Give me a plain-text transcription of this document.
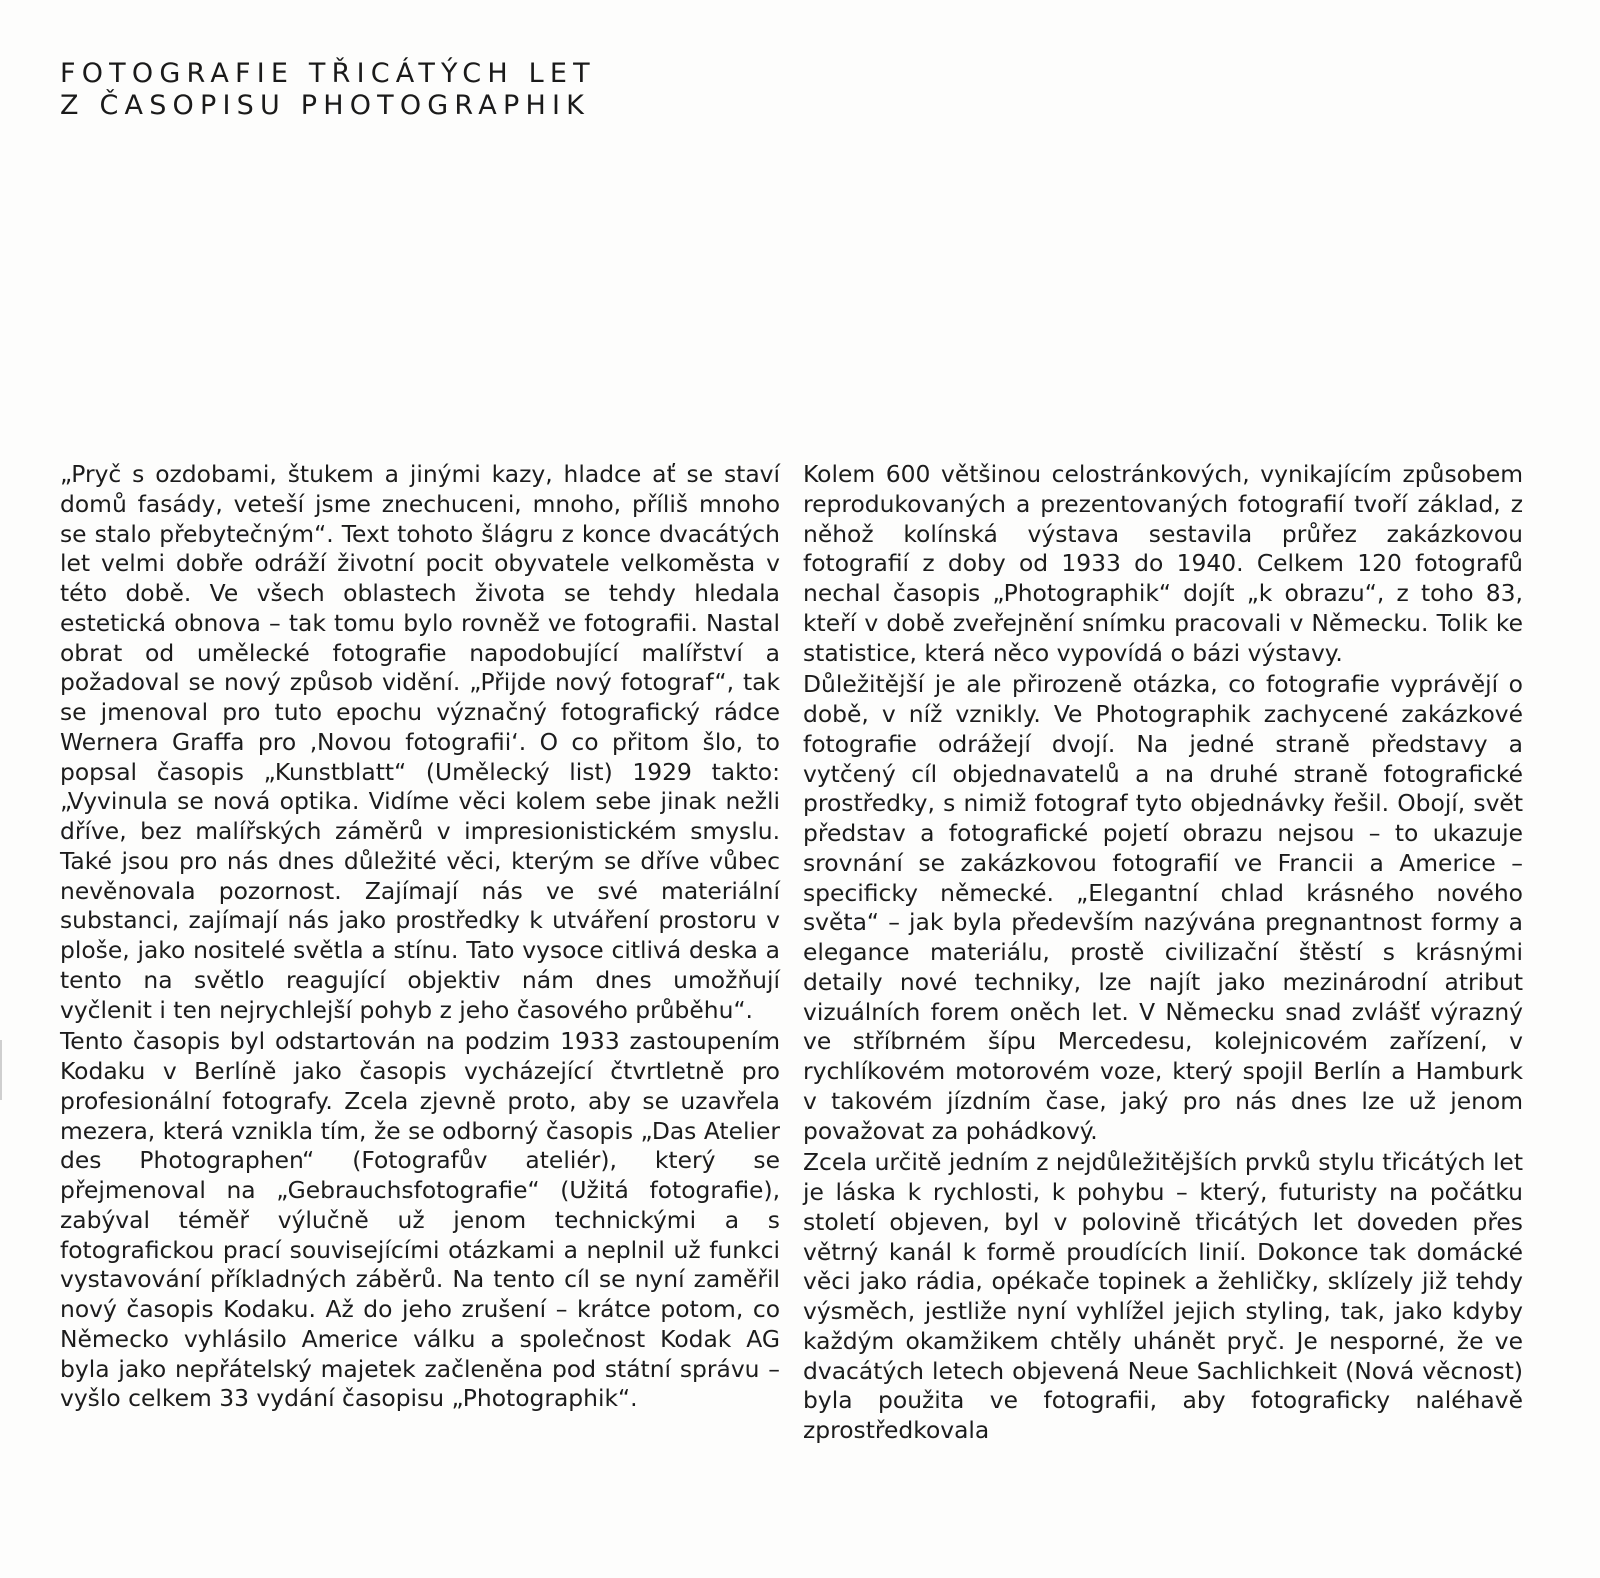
FOTOGRAFIE TŘICÁTÝCH LET
Z ČASOPISU PHOTOGRAPHIK

„Pryč s ozdobami, štukem a jinými kazy, hladce ať se staví domů fasády, veteší jsme znechuceni, mnoho, příliš mnoho se stalo přebytečným“. Text tohoto šlágru z konce dvacátých let velmi dobře odráží životní pocit obyvatele velkoměsta v této době. Ve všech oblastech života se tehdy hledala estetická obnova – tak tomu bylo rovněž ve fotografii. Nastal obrat od umělecké fotografie napodobující malířství a požadoval se nový způsob vidění. „Přijde nový fotograf“, tak se jmenoval pro tuto epochu význačný fotografický rádce Wernera Graffa pro ‚Novou fotografii‘. O co přitom šlo, to popsal časopis „Kunstblatt“ (Umělecký list) 1929 takto: „Vyvinula se nová optika. Vidíme věci kolem sebe jinak nežli dříve, bez malířských záměrů v impresionistickém smyslu. Také jsou pro nás dnes důležité věci, kterým se dříve vůbec nevěnovala pozornost. Zajímají nás ve své materiální substanci, zajímají nás jako prostředky k utváření prostoru v ploše, jako nositelé světla a stínu. Tato vysoce citlivá deska a tento na světlo reagující objektiv nám dnes umožňují vyčlenit i ten nejrychlejší pohyb z jeho časového průběhu“.

Tento časopis byl odstartován na podzim 1933 zastoupením Kodaku v Berlíně jako časopis vycházející čtvrtletně pro profesionální fotografy. Zcela zjevně proto, aby se uzavřela mezera, která vznikla tím, že se odborný časopis „Das Atelier des Photographen“ (Fotografův ateliér), který se přejmenoval na „Gebrauchsfotografie“ (Užitá fotografie), zabýval téměř výlučně už jenom technickými a s fotografickou prací souvisejícími otázkami a neplnil už funkci vystavování příkladných záběrů. Na tento cíl se nyní zaměřil nový časopis Kodaku. Až do jeho zrušení – krátce potom, co Německo vyhlásilo Americe válku a společnost Kodak AG byla jako nepřátelský majetek začleněna pod státní správu – vyšlo celkem 33 vydání časopisu „Photographik“.

Kolem 600 většinou celostránkových, vynikajícím způsobem reprodukovaných a prezentovaných fotografií tvoří základ, z něhož kolínská výstava sestavila průřez zakázkovou fotografií z doby od 1933 do 1940. Celkem 120 fotografů nechal časopis „Photographik“ dojít „k obrazu“, z toho 83, kteří v době zveřejnění snímku pracovali v Německu. Tolik ke statistice, která něco vypovídá o bázi výstavy.

Důležitější je ale přirozeně otázka, co fotografie vyprávějí o době, v níž vznikly. Ve Photographik zachycené zakázkové fotografie odrážejí dvojí. Na jedné straně představy a vytčený cíl objednavatelů a na druhé straně fotografické prostředky, s nimiž fotograf tyto objednávky řešil. Obojí, svět představ a fotografické pojetí obrazu nejsou – to ukazuje srovnání se zakázkovou fotografií ve Francii a Americe – specificky německé. „Elegantní chlad krásného nového světa“ – jak byla především nazývána pregnantnost formy a elegance materiálu, prostě civilizační štěstí s krásnými detaily nové techniky, lze najít jako mezinárodní atribut vizuálních forem oněch let. V Německu snad zvlášť výrazný ve stříbrném šípu Mercedesu, kolejnicovém zařízení, v rychlíkovém motorovém voze, který spojil Berlín a Hamburk v takovém jízdním čase, jaký pro nás dnes lze už jenom považovat za pohádkový.

Zcela určitě jedním z nejdůležitějších prvků stylu třicátých let je láska k rychlosti, k pohybu – který, futuristy na počátku století objeven, byl v polovině třicátých let doveden přes větrný kanál k formě proudících linií. Dokonce tak domácké věci jako rádia, opékače topinek a žehličky, sklízely již tehdy výsměch, jestliže nyní vyhlížel jejich styling, tak, jako kdyby každým okamžikem chtěly uhánět pryč. Je nesporné, že ve dvacátých letech objevená Neue Sachlichkeit (Nová věcnost) byla použita ve fotografii, aby fotograficky naléhavě zprostředkovala
